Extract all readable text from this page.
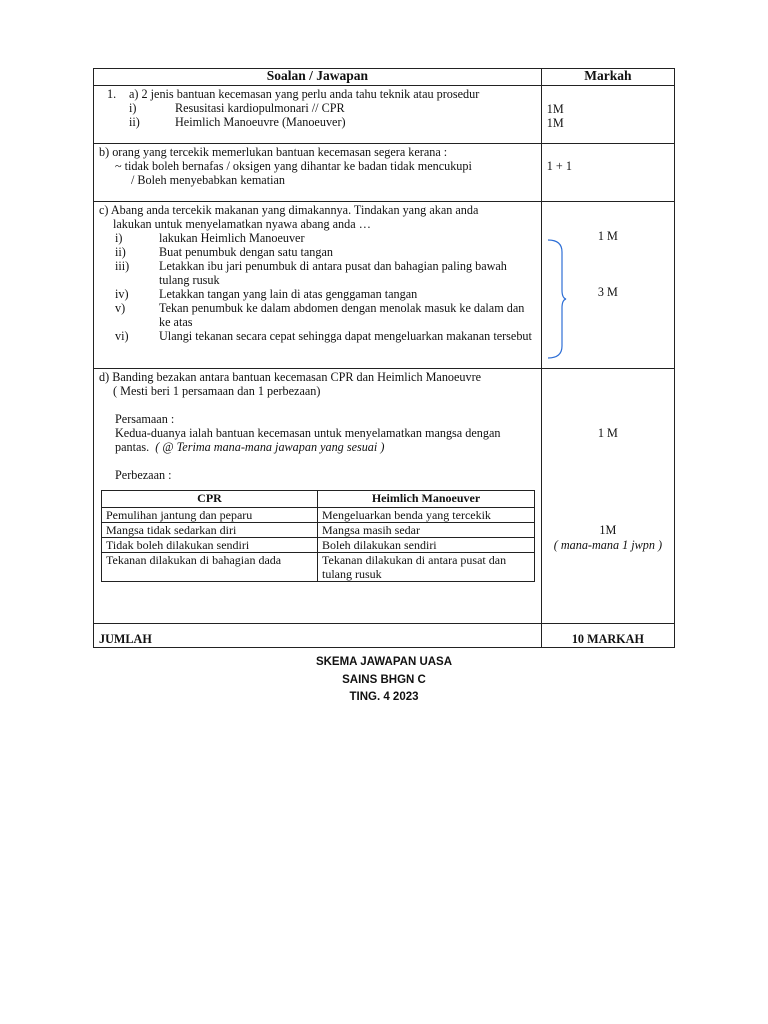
Soalan / Jawapan	Markah

1.	a) 2 jenis bantuan kecemasan yang perlu anda tahu teknik atau prosedur
i)	Resusitasi kardiopulmonari // CPR
ii)	Heimlich Manoeuvre (Manoeuver)

1M
1M

b) orang yang tercekik memerlukan bantuan kecemasan segera kerana :
~ tidak boleh bernafas / oksigen yang dihantar ke badan tidak mencukupi
/ Boleh menyebabkan kematian

1 + 1

c) Abang anda tercekik makanan yang dimakannya. Tindakan yang akan anda
lakukan untuk menyelamatkan nyawa abang anda …
i)	lakukan Heimlich Manoeuver
ii)	Buat penumbuk dengan satu tangan
iii)	Letakkan ibu jari penumbuk di antara pusat dan bahagian paling bawah tulang rusuk
iv)	Letakkan tangan yang lain di atas genggaman tangan
v)	Tekan penumbuk ke dalam abdomen dengan menolak masuk ke dalam dan ke atas
vi)	Ulangi tekanan secara cepat sehingga dapat mengeluarkan makanan tersebut

1 M
3 M

d) Banding bezakan antara bantuan kecemasan CPR dan Heimlich Manoeuvre
( Mesti beri 1 persamaan dan 1 perbezaan)
Persamaan :
Kedua-duanya ialah bantuan kecemasan untuk menyelamatkan mangsa dengan pantas. ( @ Terima mana-mana jawapan yang sesuai )
Perbezaan :
CPR	Heimlich Manoeuver
Pemulihan jantung dan peparu	Mengeluarkan benda yang tercekik
Mangsa tidak sedarkan diri	Mangsa masih sedar
Tidak boleh dilakukan sendiri	Boleh dilakukan sendiri
Tekanan dilakukan di bahagian dada	Tekanan dilakukan di antara pusat dan tulang rusuk

1 M
1M
( mana-mana 1 jwpn )

JUMLAH	10 MARKAH
SKEMA JAWAPAN UASA
SAINS BHGN C
TING. 4 2023
